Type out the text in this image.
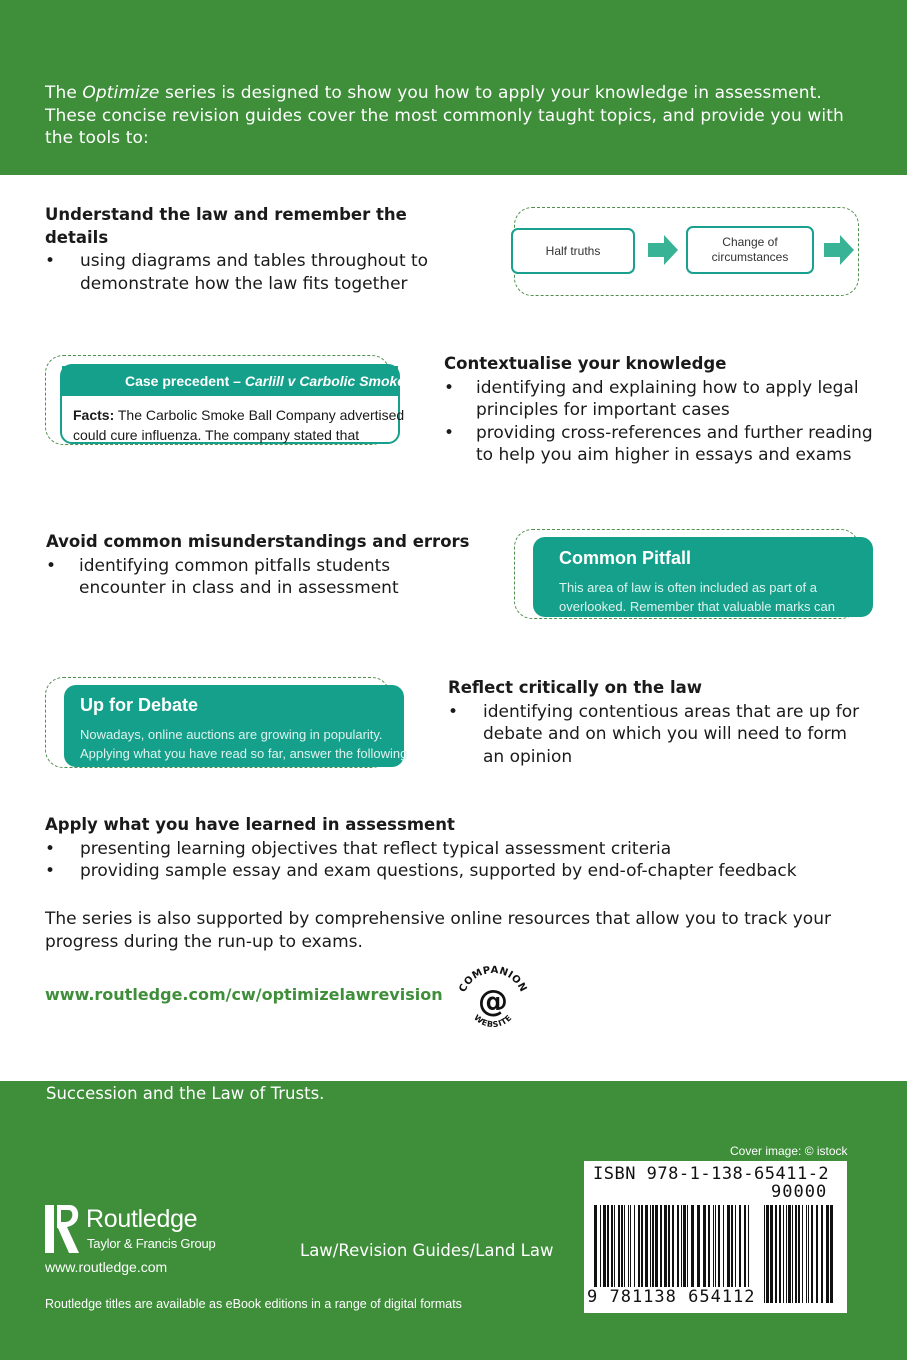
The Optimize series is designed to show you how to apply your knowledge in assessment. These concise revision guides cover the most commonly taught topics, and provide you with the tools to:

Understand the law and remember the details
• using diagrams and tables throughout to demonstrate how the law fits together
Half truths
Change of circumstances
Case precedent – Carlill v Carbolic Smoke Ball Co
Facts: The Carbolic Smoke Ball Company advertised
could cure influenza. The company stated that
Contextualise your knowledge
• identifying and explaining how to apply legal principles for important cases
• providing cross-references and further reading to help you aim higher in essays and exams
Avoid common misunderstandings and errors
• identifying common pitfalls students encounter in class and in assessment
Common Pitfall
This area of law is often included as part of a
overlooked. Remember that valuable marks can
Up for Debate
Nowadays, online auctions are growing in popularity.
Applying what you have read so far, answer the following
Reflect critically on the law
• identifying contentious areas that are up for debate and on which you will need to form an opinion
Apply what you have learned in assessment
• presenting learning objectives that reflect typical assessment criteria
• providing sample essay and exam questions, supported by end-of-chapter feedback

The series is also supported by comprehensive online resources that allow you to track your progress during the run-up to exams.

www.routledge.com/cw/optimizelawrevision COMPANION
@
WEBSITE
Succession and the Law of Trusts.
Cover image: © istock
ISBN 978-1-138-65411-2
90000
9 781138 654112	an informa business
Routledge
Taylor & Francis Group
www.routledge.com
Law/Revision Guides/Land Law
Routledge titles are available as eBook editions in a range of digital formats
